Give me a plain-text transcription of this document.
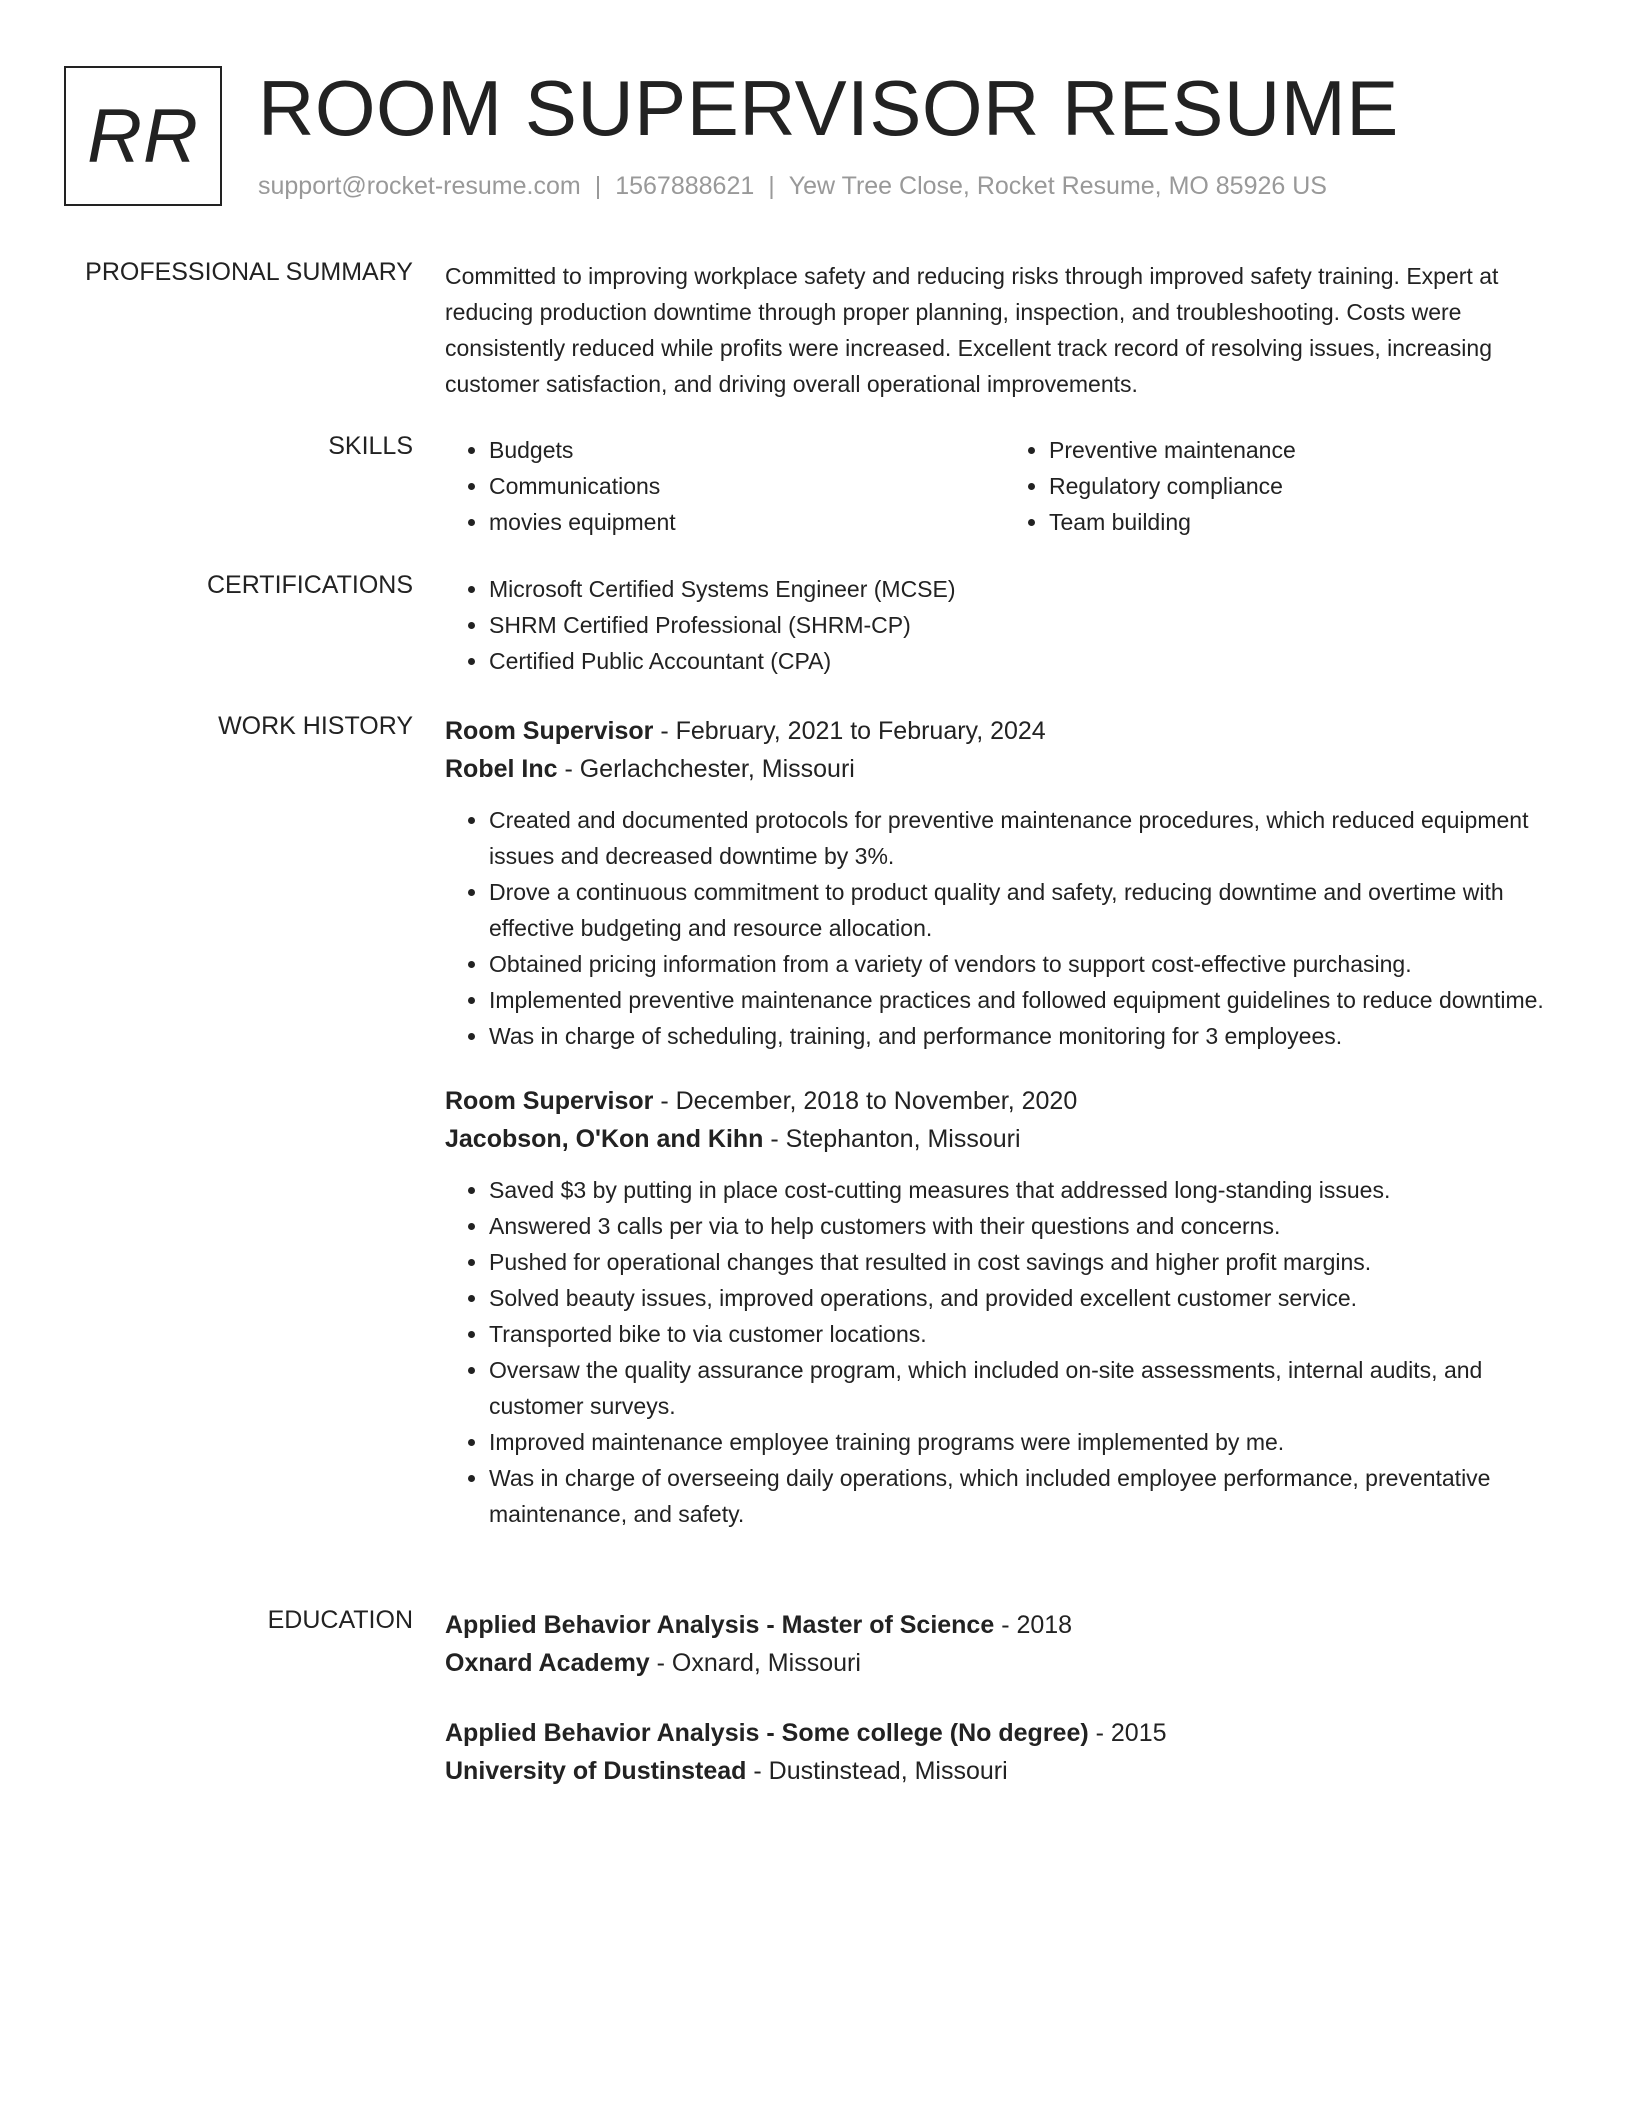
RR ROOM SUPERVISOR RESUME
support@rocket-resume.com | 1567888621 | Yew Tree Close, Rocket Resume, MO 85926 US
PROFESSIONAL SUMMARY Committed to improving workplace safety and reducing risks through improved safety training. Expert at reducing production downtime through proper planning, inspection, and troubleshooting. Costs were consistently reduced while profits were increased. Excellent track record of resolving issues, increasing customer satisfaction, and driving overall operational improvements.
SKILLS	• Budgets
• Communications
• movies equipment
• Preventive maintenance
• Regulatory compliance
• Team building
CERTIFICATIONS	• Microsoft Certified Systems Engineer (MCSE)
• SHRM Certified Professional (SHRM-CP)
• Certified Public Accountant (CPA)
WORK HISTORY Room Supervisor - February, 2021 to February, 2024
Robel Inc - Gerlachchester, Missouri
• Created and documented protocols for preventive maintenance procedures, which reduced equipment issues and decreased downtime by 3%.
• Drove a continuous commitment to product quality and safety, reducing downtime and overtime with effective budgeting and resource allocation.
• Obtained pricing information from a variety of vendors to support cost-effective purchasing.
• Implemented preventive maintenance practices and followed equipment guidelines to reduce downtime.
• Was in charge of scheduling, training, and performance monitoring for 3 employees.
Room Supervisor - December, 2018 to November, 2020
Jacobson, O'Kon and Kihn - Stephanton, Missouri
• Saved $3 by putting in place cost-cutting measures that addressed long-standing issues.
• Answered 3 calls per via to help customers with their questions and concerns.
• Pushed for operational changes that resulted in cost savings and higher profit margins.
• Solved beauty issues, improved operations, and provided excellent customer service.
• Transported bike to via customer locations.
• Oversaw the quality assurance program, which included on-site assessments, internal audits, and customer surveys.
• Improved maintenance employee training programs were implemented by me.
• Was in charge of overseeing daily operations, which included employee performance, preventative maintenance, and safety.
EDUCATION Applied Behavior Analysis - Master of Science - 2018
Oxnard Academy - Oxnard, Missouri
Applied Behavior Analysis - Some college (No degree) - 2015
University of Dustinstead - Dustinstead, Missouri
